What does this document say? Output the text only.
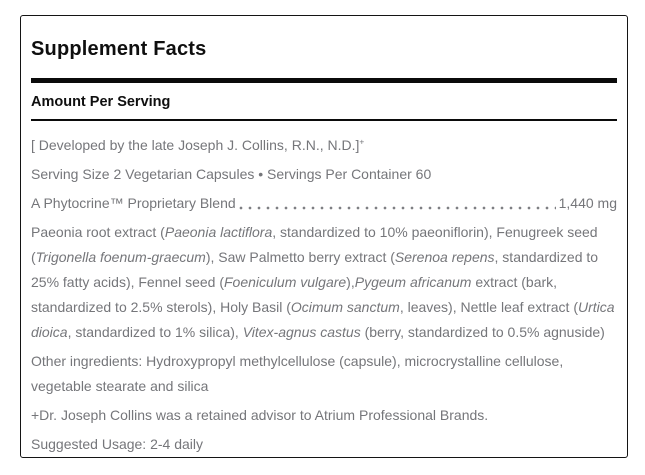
Supplement Facts
Amount Per Serving

[ Developed by the late Joseph J. Collins, R.N., N.D.]+

Serving Size 2 Vegetarian Capsules • Servings Per Container 60

A Phytocrine™ Proprietary Blend	1,440 mg

Paeonia root extract (Paeonia lactiflora, standardized to 10% paeoniflorin), Fenugreek seed (Trigonella foenum-graecum), Saw Palmetto berry extract (Serenoa repens, standardized to 25% fatty acids), Fennel seed (Foeniculum vulgare),Pygeum africanum extract (bark, standardized to 2.5% sterols), Holy Basil (Ocimum sanctum, leaves), Nettle leaf extract (Urtica dioica, standardized to 1% silica), Vitex-agnus castus (berry, standardized to 0.5% agnuside)

Other ingredients: Hydroxypropyl methylcellulose (capsule), microcrystalline cellulose, vegetable stearate and silica

+Dr. Joseph Collins was a retained advisor to Atrium Professional Brands.

Suggested Usage: 2-4 daily
